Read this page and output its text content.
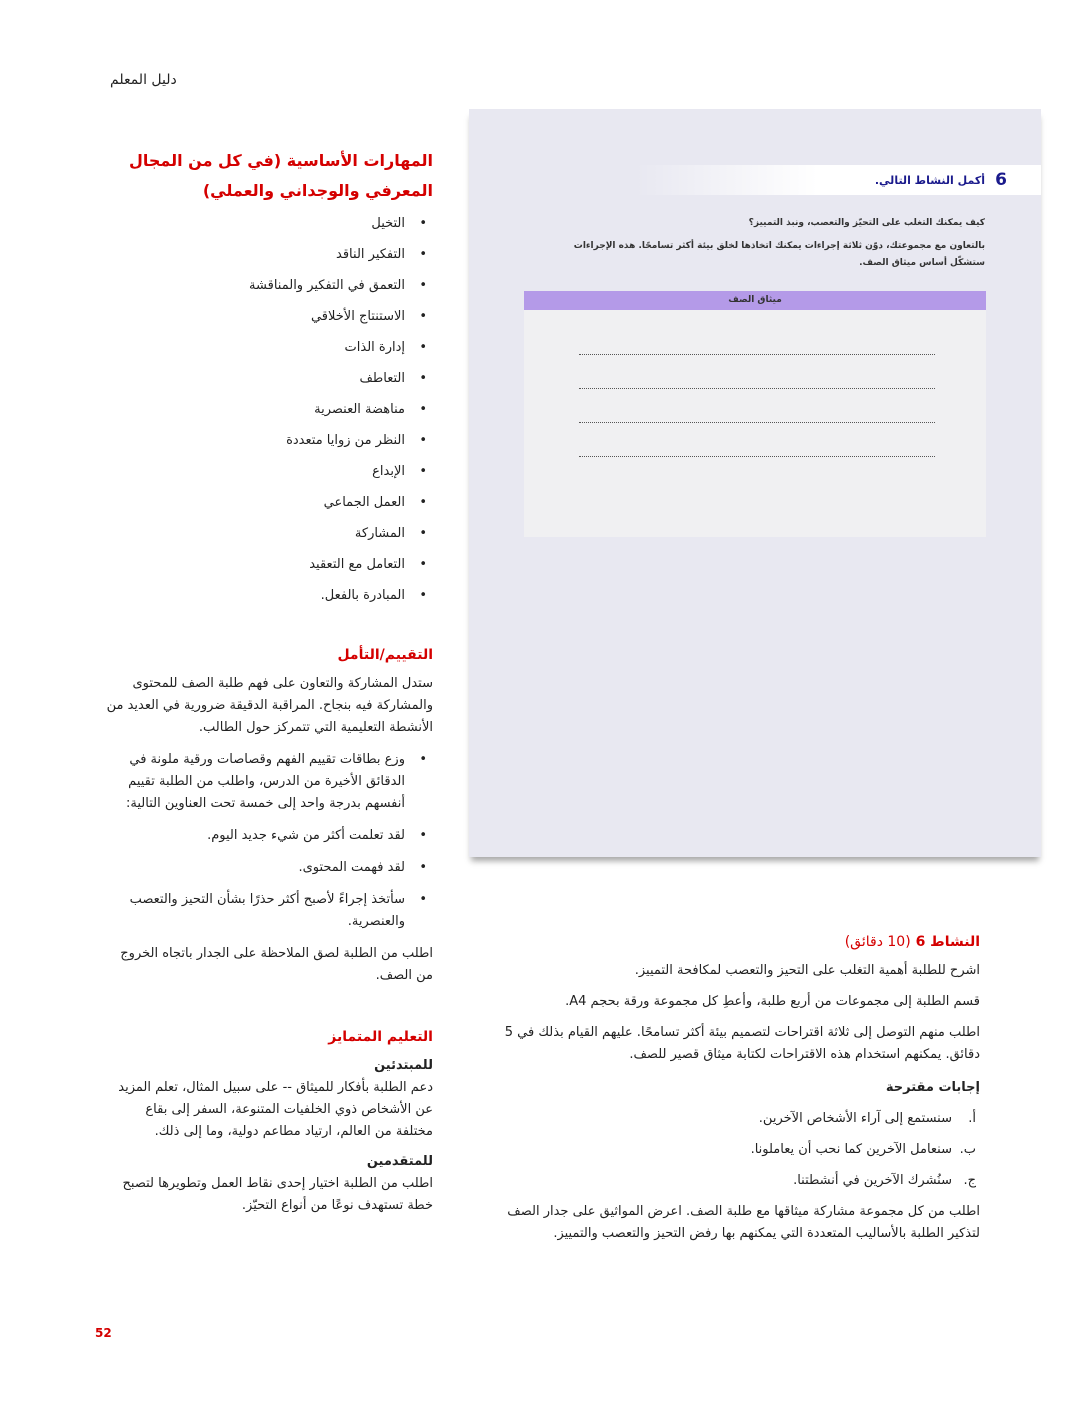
دليل المعلم
6
أكمل النشاط التالي.
كيف يمكنك التغلب على التحيّز والتعصب، ونبذ التمييز؟
بالتعاون مع مجموعتك، دوّن ثلاثة إجراءات يمكنك اتخاذها لخلق بيئة أكثر تسامحًا. هذه الإجراءات ستشكّل أساس ميثاق الصف.
ميثاق الصف
المهارات الأساسية (في كل من المجال المعرفي والوجداني والعملي)
• التخيل
• التفكير الناقد
• التعمق في التفكير والمناقشة
• الاستنتاج الأخلاقي
• إدارة الذات
• التعاطف
• مناهضة العنصرية
• النظر من زوايا متعددة
• الإبداع
• العمل الجماعي
• المشاركة
• التعامل مع التعقيد
• المبادرة بالفعل.
التقييم/التأمل

ستدل المشاركة والتعاون على فهم طلبة الصف للمحتوى والمشاركة فيه بنجاح. المراقبة الدقيقة ضرورية في العديد من الأنشطة التعليمية التي تتمركز حول الطالب.

• وزع بطاقات تقييم الفهم وقصاصات ورقية ملونة في الدقائق الأخيرة من الدرس، واطلب من الطلبة تقييم أنفسهم بدرجة واحد إلى خمسة تحت العناوين التالية:
• لقد تعلمت أكثر من شيء جديد اليوم.
• لقد فهمت المحتوى.
• سأتخذ إجراءً لأصبح أكثر حذرًا بشأن التحيز والتعصب والعنصرية.

اطلب من الطلبة لصق الملاحظة على الجدار باتجاه الخروج من الصف.

التعليم المتمايز

للمبتدئين

دعم الطلبة بأفكار للميثاق -- على سبيل المثال، تعلم المزيد عن الأشخاص ذوي الخلفيات المتنوعة، السفر إلى بقاع مختلفة من العالم، ارتياد مطاعم دولية، وما إلى ذلك.

للمتقدمين

اطلب من الطلبة اختيار إحدى نقاط العمل وتطويرها لتصبح خطة تستهدف نوعًا من أنواع التحيّز.

النشاط 6 (10 دقائق)

اشرح للطلبة أهمية التغلب على التحيز والتعصب لمكافحة التمييز.

قسم الطلبة إلى مجموعات من أربع طلبة، وأعطِ كل مجموعة ورقة بحجم A4.

اطلب منهم التوصل إلى ثلاثة اقتراحات لتصميم بيئة أكثر تسامحًا. عليهم القيام بذلك في 5 دقائق. يمكنهم استخدام هذه الاقتراحات لكتابة ميثاق قصير للصف.

إجابات مقترحة

أ.
سنستمع إلى آراء الأشخاص الآخرين.
ب.
سنعامل الآخرين كما نحب أن يعاملونا.
ج.
سنُشرك الآخرين في أنشطتنا.

اطلب من كل مجموعة مشاركة ميثاقها مع طلبة الصف. اعرض المواثيق على جدار الصف لتذكير الطلبة بالأساليب المتعددة التي يمكنهم بها رفض التحيز والتعصب والتمييز.

52
